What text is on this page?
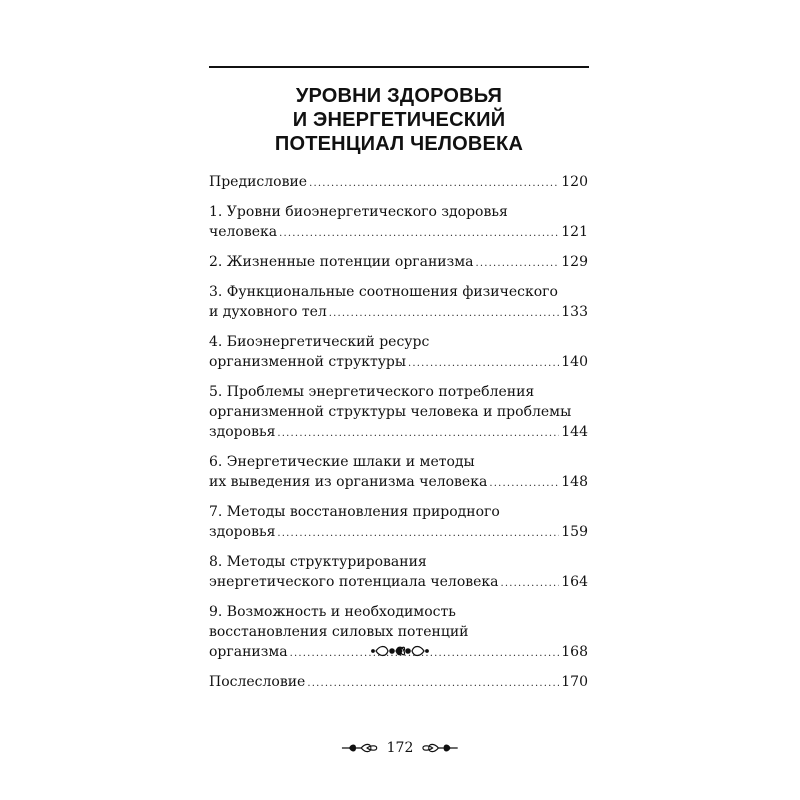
УРОВНИ ЗДОРОВЬЯ
И ЭНЕРГЕТИЧЕСКИЙ
ПОТЕНЦИАЛ ЧЕЛОВЕКА
Предисловие .....	120
1. Уровни биоэнергетического здоровья
человека .....	121
2. Жизненные потенции организма .....	129
3. Функциональные соотношения физического
и духовного тел .....	133
4. Биоэнергетический ресурс
организменной структуры .....	140
5. Проблемы энергетического потребления
организменной структуры человека и проблемы
здоровья .....	144
6. Энергетические шлаки и методы
их выведения из организма человека .....	148
7. Методы восстановления природного
здоровья .....	159
8. Методы структурирования
энергетического потенциала человека .....	164
9. Возможность и необходимость
восстановления силовых потенций
организма .....	168
Послесловие .....	170
172
